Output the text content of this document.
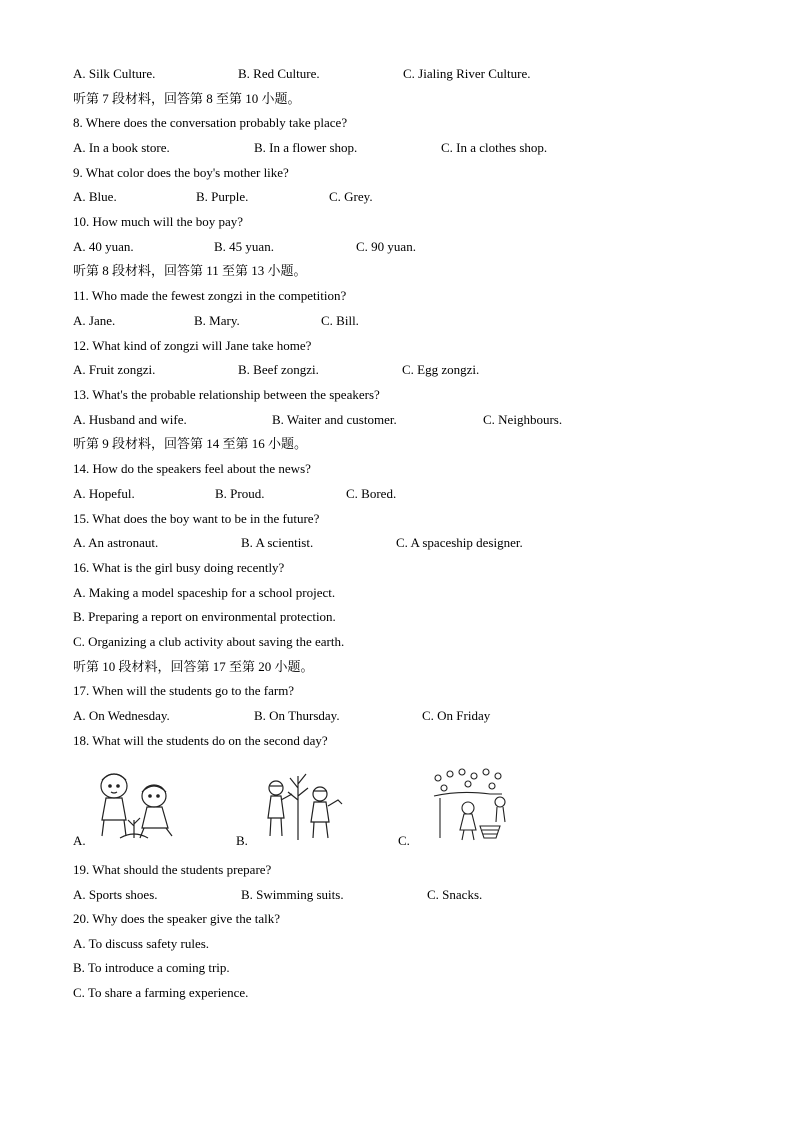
A. Silk Culture.	B. Red Culture.	C. Jialing River Culture.
听第 7 段材料，回答第 8 至第 10 小题。
8. Where does the conversation probably take place?
A. In a book store.	B. In a flower shop.	C. In a clothes shop.
9. What color does the boy's mother like?
A. Blue.	B. Purple.	C. Grey.
10. How much will the boy pay?
A. 40 yuan.	B. 45 yuan.	C. 90 yuan.
听第 8 段材料，回答第 11 至第 13 小题。
11. Who made the fewest zongzi in the competition?
A. Jane.	B. Mary.	C. Bill.
12. What kind of zongzi will Jane take home?
A. Fruit zongzi.	B. Beef zongzi.	C. Egg zongzi.
13. What's the probable relationship between the speakers?
A. Husband and wife.	B. Waiter and customer.	C. Neighbours.
听第 9 段材料，回答第 14 至第 16 小题。
14. How do the speakers feel about the news?
A. Hopeful.	B. Proud.	C. Bored.
15. What does the boy want to be in the future?
A. An astronaut.	B. A scientist.	C. A spaceship designer.
16. What is the girl busy doing recently?
A. Making a model spaceship for a school project.
B. Preparing a report on environmental protection.
C. Organizing a club activity about saving the earth.
听第 10 段材料，回答第 17 至第 20 小题。
17. When will the students go to the farm?
A. On Wednesday.	B. On Thursday.	C. On Friday
18. What will the students do on the second day?
A.	B.	C.
19. What should the students prepare?
A. Sports shoes.	B. Swimming suits.	C. Snacks.
20. Why does the speaker give the talk?
A. To discuss safety rules.
B. To introduce a coming trip.
C. To share a farming experience.
